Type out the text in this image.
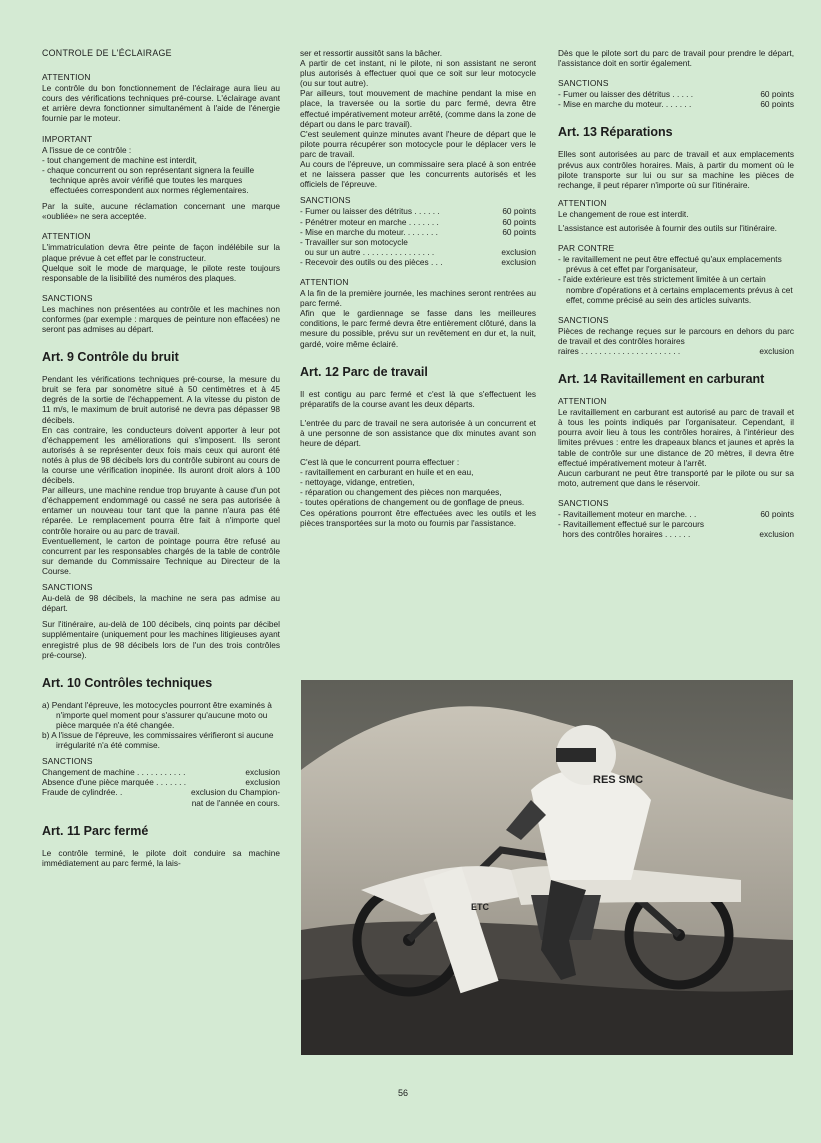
CONTROLE DE L'ÉCLAIRAGE
ATTENTION

Le contrôle du bon fonctionnement de l'éclairage aura lieu au cours des vérifications techniques pré-course. L'éclairage avant et arrière devra fonctionner simultanément à l'aide de l'énergie fournie par le moteur.

IMPORTANT

A l'issue de ce contrôle :

- tout changement de machine est interdit,
- chaque concurrent ou son représentant signera la feuille technique après avoir vérifié que toutes les marques effectuées correspondent aux normes réglementaires.

Par la suite, aucune réclamation concernant une marque «oubliée» ne sera acceptée.

ATTENTION

L'immatriculation devra être peinte de façon indélébile sur la plaque prévue à cet effet par le constructeur.

Quelque soit le mode de marquage, le pilote reste toujours responsable de la lisibilité des numéros des plaques.

SANCTIONS

Les machines non présentées au contrôle et les machines non conformes (par exemple : marques de peinture non effacées) ne seront pas admises au départ.

Art. 9 Contrôle du bruit

Pendant les vérifications techniques pré-course, la mesure du bruit se fera par sonomètre situé à 50 centimètres et à 45 degrés de la sortie de l'échappement. A la vitesse du piston de 11 m/s, le maximum de bruit autorisé ne devra pas dépasser 98 décibels.

En cas contraire, les conducteurs doivent apporter à leur pot d'échappement les améliorations qui s'imposent. Ils seront autorisés à se représenter deux fois mais ceux qui auront été notés à plus de 98 décibels lors du contrôle subiront au cours de la course une vérification inopinée. Ils auront droit alors à 100 décibels.

Par ailleurs, une machine rendue trop bruyante à cause d'un pot d'échappement endommagé ou cassé ne sera pas autorisée à entamer un nouveau tour tant que la panne n'aura pas été réparée. Le remplacement pourra être fait à n'importe quel contrôle horaire ou au parc de travail.

Eventuellement, le carton de pointage pourra être refusé au concurrent par les responsables chargés de la table de contrôle sur demande du Commissaire Technique au Directeur de la Course.

SANCTIONS

Au-delà de 98 décibels, la machine ne sera pas admise au départ.

Sur l'itinéraire, au-delà de 100 décibels, cinq points par décibel supplémentaire (uniquement pour les machines litigieuses ayant enregistré plus de 98 décibels lors de l'un des trois contrôles pré-course).

Art. 10 Contrôles techniques
a) Pendant l'épreuve, les motocycles pourront être examinés à n'importe quel moment pour s'assurer qu'aucune moto ou pièce marquée n'a été changée.
b) A l'issue de l'épreuve, les commissaires vérifieront si aucune irrégularité n'a été commise.
SANCTIONS
Changement de machine . . . . . . . . . . .	exclusion
Absence d'une pièce marquée . . . . . . .	exclusion
Fraude de cylindrée. .	exclusion du Champion-
nat de l'année en cours.
Art. 11 Parc fermé

Le contrôle terminé, le pilote doit conduire sa machine immédiatement au parc fermé, la lais-

ser et ressortir aussitôt sans la bâcher.

A partir de cet instant, ni le pilote, ni son assistant ne seront plus autorisés à effectuer quoi que ce soit sur leur motocycle (ou sur tout autre).

Par ailleurs, tout mouvement de machine pendant la mise en place, la traversée ou la sortie du parc fermé, devra être effectué impérativement moteur arrêté, (comme dans la zone de départ ou dans le parc travail).

C'est seulement quinze minutes avant l'heure de départ que le pilote pourra récupérer son motocycle pour le déplacer vers le parc de travail.

Au cours de l'épreuve, un commissaire sera placé à son entrée et ne laissera passer que les concurrents autorisés et les officiels de l'épreuve.

SANCTIONS
- Fumer ou laisser des détritus . . . . . .	60 points
- Pénétrer moteur en marche . . . . . . .	60 points
- Mise en marche du moteur. . . . . . . .	60 points
- Travailler sur son motocycle
ou sur un autre . . . . . . . . . . . . . . . .	exclusion
- Recevoir des outils ou des pièces . . .	exclusion
ATTENTION

A la fin de la première journée, les machines seront rentrées au parc fermé.

Afin que le gardiennage se fasse dans les meilleures conditions, le parc fermé devra être entièrement clôturé, dans la mesure du possible, prévu sur un revêtement en dur et, la nuit, gardé, voire même éclairé.

Art. 12 Parc de travail

Il est contigu au parc fermé et c'est là que s'effectuent les préparatifs de la course avant les deux départs.

L'entrée du parc de travail ne sera autorisée à un concurrent et à une personne de son assistance que dix minutes avant son heure de départ.

C'est là que le concurrent pourra effectuer :

- ravitaillement en carburant en huile et en eau,
- nettoyage, vidange, entretien,
- réparation ou changement des pièces non marquées,
- toutes opérations de changement ou de gonflage de pneus.

Ces opérations pourront être effectuées avec les outils et les pièces transportées sur la moto ou fournis par l'assistance.

Dès que le pilote sort du parc de travail pour prendre le départ, l'assistance doit en sortir également.

SANCTIONS
- Fumer ou laisser des détritus . . . . .	60 points
- Mise en marche du moteur. . . . . . .	60 points
Art. 13 Réparations

Elles sont autorisées au parc de travail et aux emplacements prévus aux contrôles horaires. Mais, à partir du moment où le pilote transporte sur lui ou sur sa machine les pièces de rechange, il peut réparer n'importe où sur l'itinéraire.

ATTENTION

Le changement de roue est interdit.

L'assistance est autorisée à fournir des outils sur l'itinéraire.

PAR CONTRE
- le ravitaillement ne peut être effectué qu'aux emplacements prévus à cet effet par l'organisateur,
- l'aide extérieure est très strictement limitée à un certain nombre d'opérations et à certains emplacements prévus à cet effet, comme précisé au sein des articles suivants.
SANCTIONS

Pièces de rechange reçues sur le parcours en dehors du parc de travail et des contrôles horaires

raires . . . . . . . . . . . . . . . . . . . . . .	exclusion
Art. 14 Ravitaillement en carburant
ATTENTION

Le ravitaillement en carburant est autorisé au parc de travail et à tous les points indiqués par l'organisateur. Cependant, il pourra avoir lieu à tous les contrôles horaires, à l'intérieur des limites prévues : entre les drapeaux blancs et jaunes et après la table de contrôle sur une distance de 20 mètres, il devra être effectué impérativement moteur à l'arrêt.

Aucun carburant ne peut être transporté par le pilote ou sur sa moto, autrement que dans le réservoir.

SANCTIONS
- Ravitaillement moteur en marche. . .	60 points
- Ravitaillement effectué sur le parcours
hors des contrôles horaires . . . . . .	exclusion
RES SMC
ETC
56
